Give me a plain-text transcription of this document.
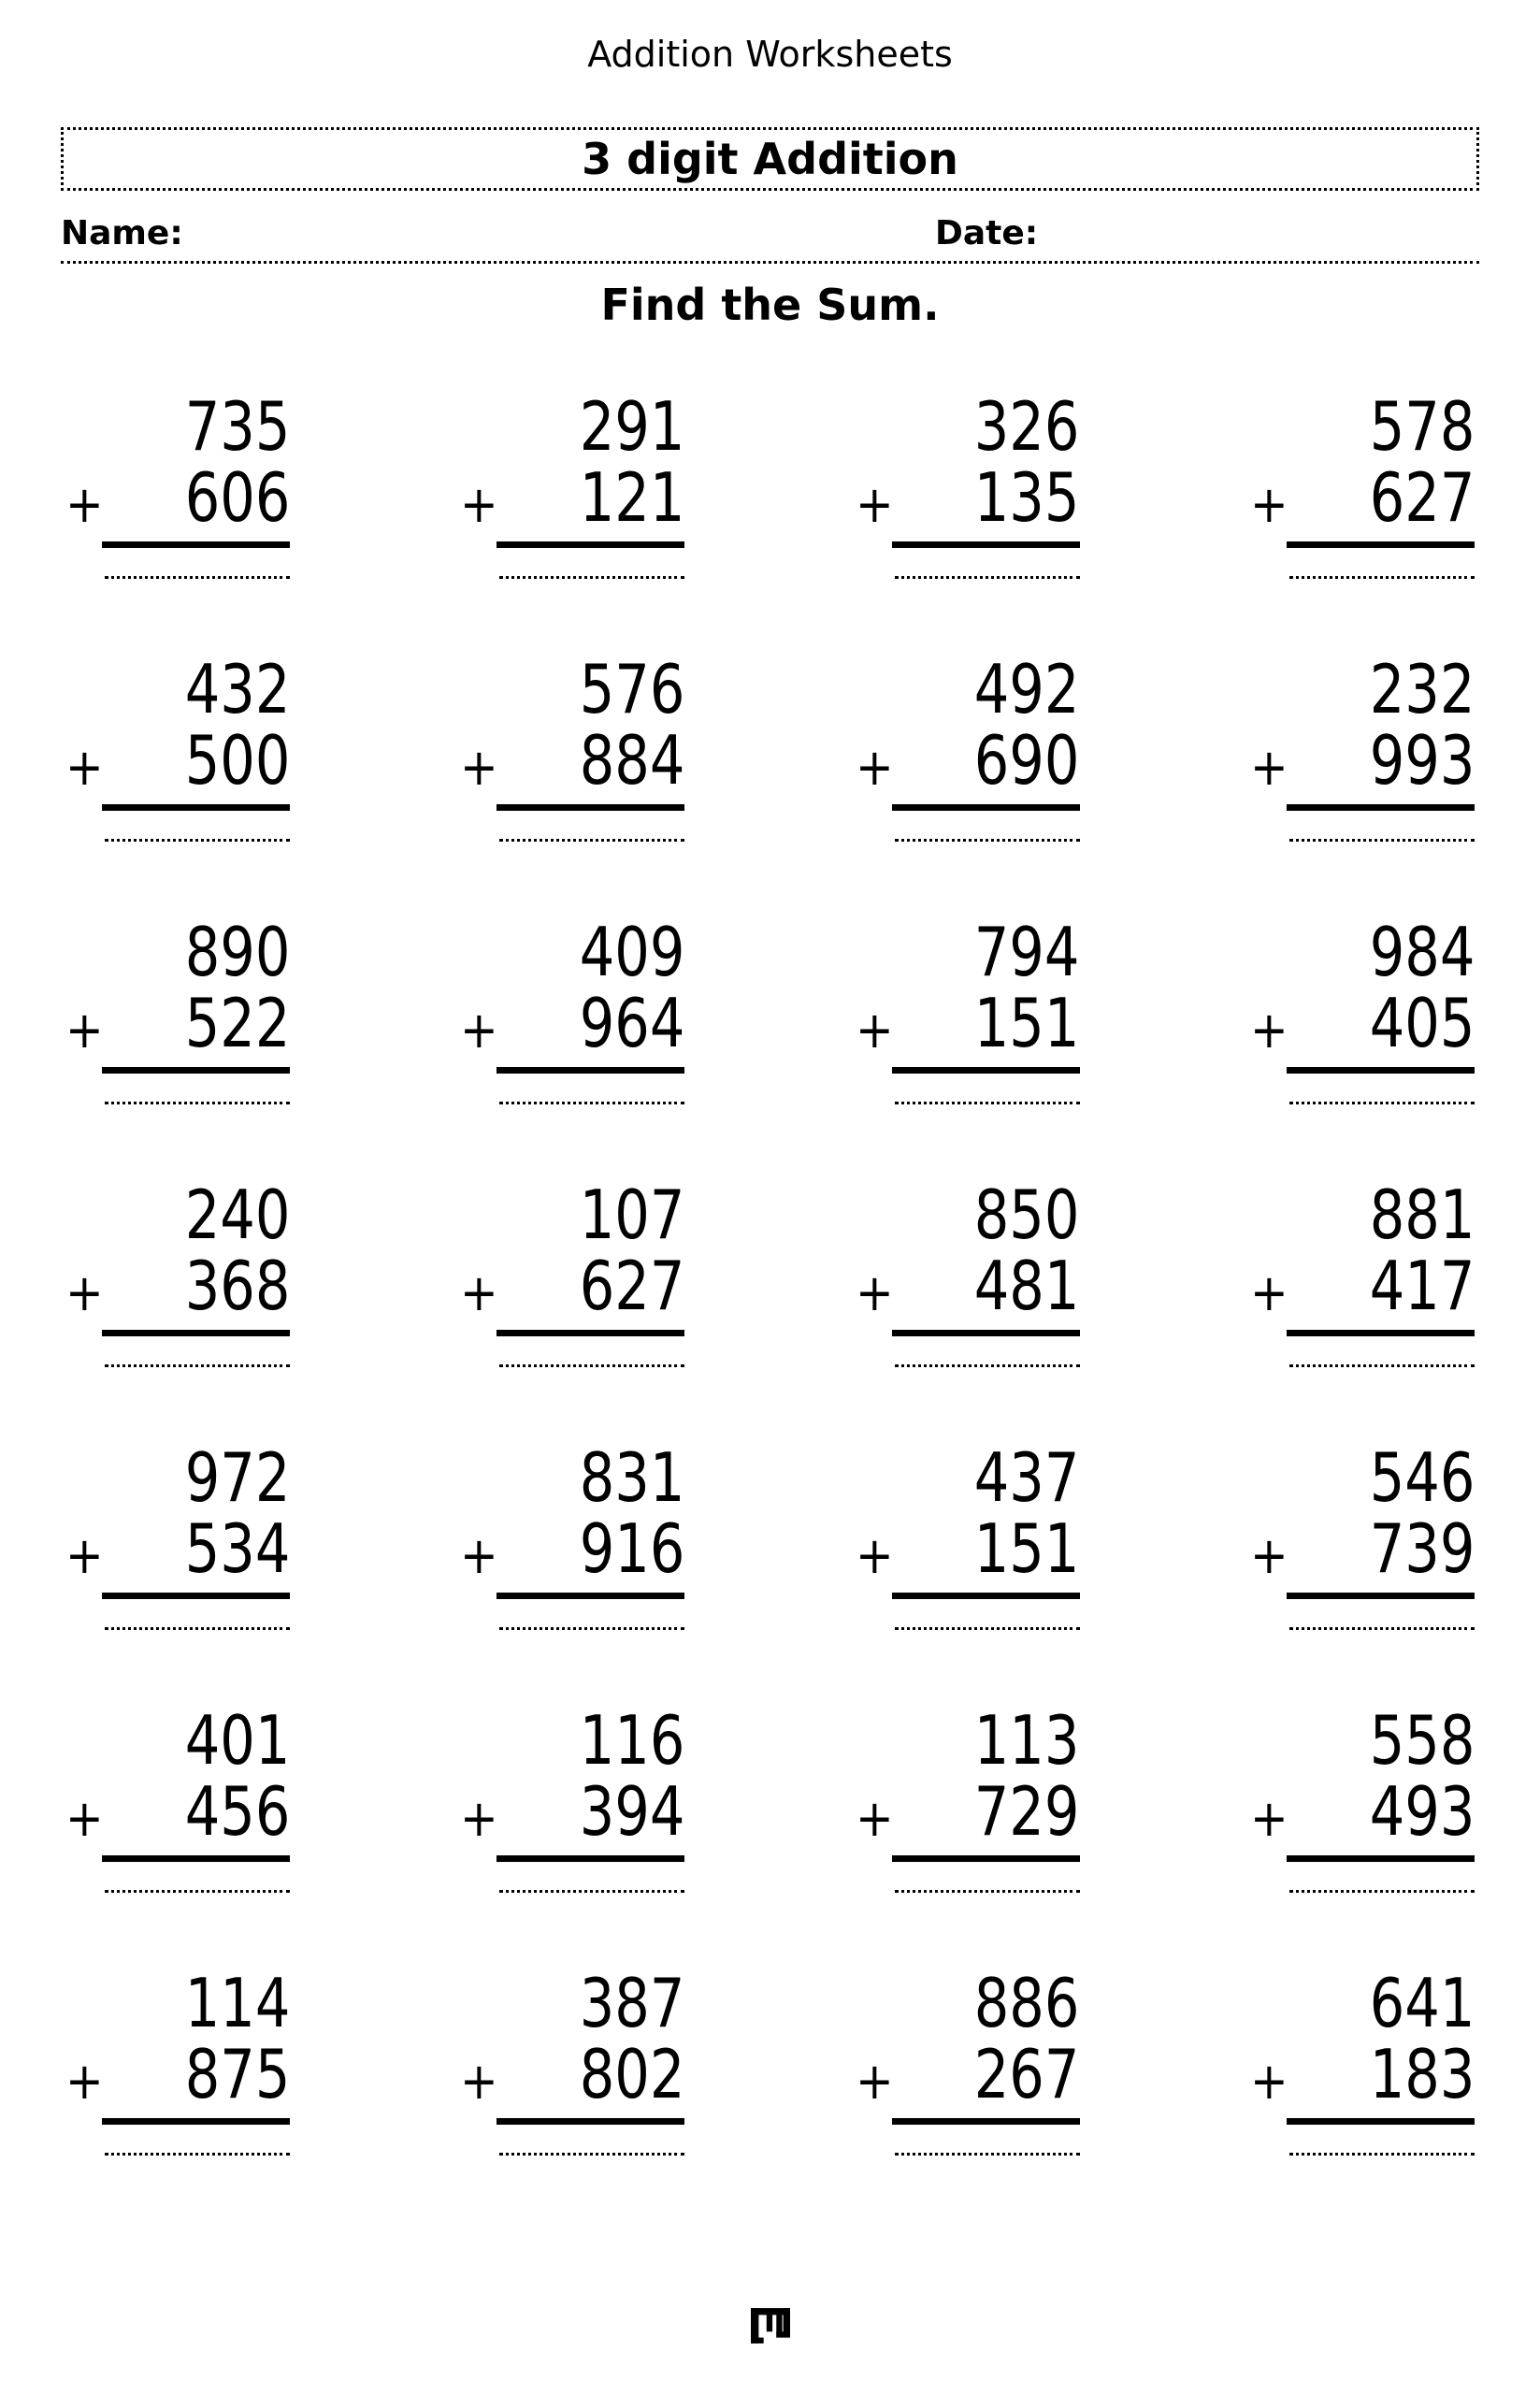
Addition Worksheets
3 digit Addition
Name:	Date:
Find the Sum.
735
+ 606
291
+ 121
326
+ 135
578
+ 627
432
+ 500
576
+ 884
492
+ 690
232
+ 993
890
+ 522
409
+ 964
794
+ 151
984
+ 405
240
+ 368
107
+ 627
850
+ 481
881
+ 417
972
+ 534
831
+ 916
437
+ 151
546
+ 739
401
+ 456
116
+ 394
113
+ 729
558
+ 493
114
+ 875
387
+ 802
886
+ 267
641
+ 183
